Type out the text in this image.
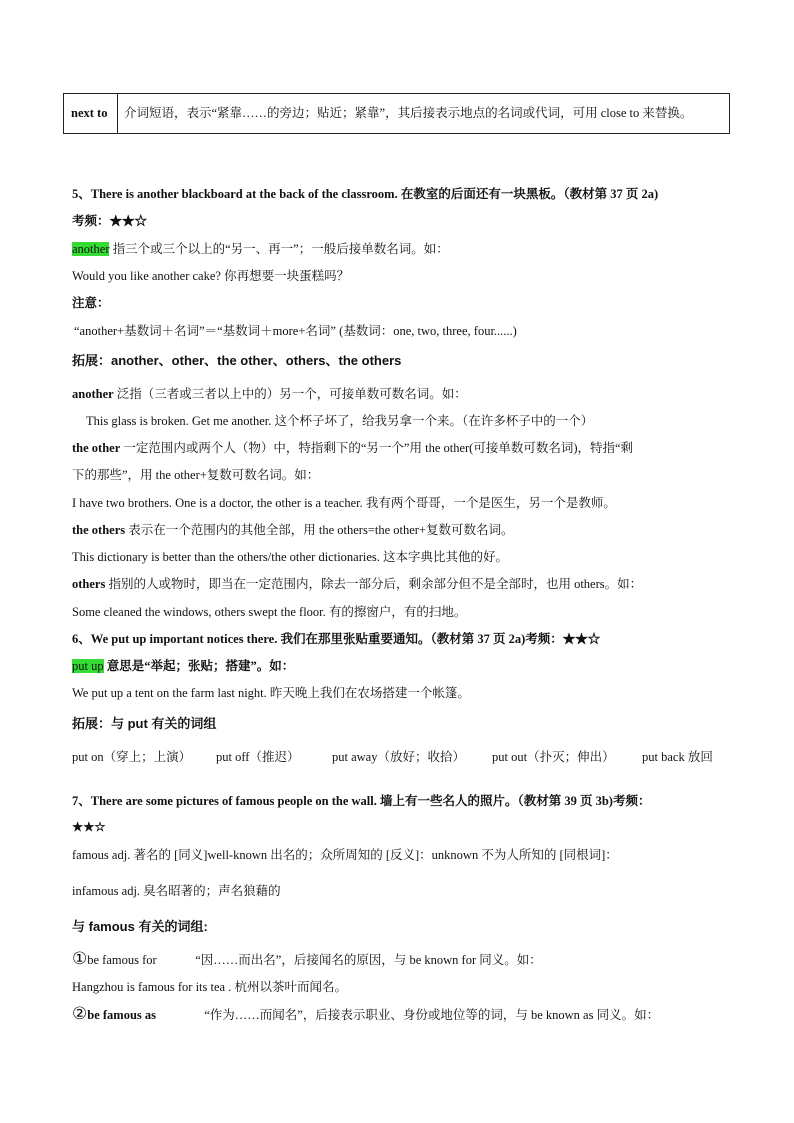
next to	介词短语，表示“紧靠……的旁边；贴近；紧靠”，其后接表示地点的名词或代词，可用 close to 来替换。
5、There is another blackboard at the back of the classroom. 在教室的后面还有一块黑板。（教材第 37 页 2a)
考频：★★☆
another 指三个或三个以上的“另一、再一”；一般后接单数名词。如：
Would you like another cake? 你再想要一块蛋糕吗？
注意：
“another+基数词＋名词”＝“基数词＋more+名词” (基数词：one, two, three, four......)
拓展：another、other、the other、others、the others
another 泛指（三者或三者以上中的）另一个，可接单数可数名词。如：
This glass is broken. Get me another. 这个杯子坏了，给我另拿一个来。（在许多杯子中的一个）
the other 一定范围内或两个人（物）中，特指剩下的“另一个”用 the other(可接单数可数名词)，特指“剩
下的那些”，用 the other+复数可数名词。如：
I have two brothers. One is a doctor, the other is a teacher. 我有两个哥哥，一个是医生，另一个是教师。
the others 表示在一个范围内的其他全部，用 the others=the other+复数可数名词。
This dictionary is better than the others/the other dictionaries. 这本字典比其他的好。
others 指别的人或物时，即当在一定范围内，除去一部分后，剩余部分但不是全部时，也用 others。如：
Some cleaned the windows, others swept the floor. 有的擦窗户，有的扫地。
6、We put up important notices there. 我们在那里张贴重要通知。（教材第 37 页 2a)考频：★★☆
put up 意思是“举起；张贴；搭建”。如：
We put up a tent on the farm last night. 昨天晚上我们在农场搭建一个帐篷。
拓展：与 put 有关的词组
put on（穿上；上演） put off（推迟）	put away（放好；收拾） put out（扑灭；伸出） put back 放回
7、There are some pictures of famous people on the wall. 墙上有一些名人的照片。（教材第 39 页 3b)考频：
★★☆
famous adj. 著名的 [同义]well-known 出名的；众所周知的 [反义]：unknown 不为人所知的 [同根词]：
infamous adj. 臭名昭著的；声名狼藉的
与 famous 有关的词组:
①be famous for	“因……而出名”，后接闻名的原因，与 be known for 同义。如：
Hangzhou is famous for its tea . 杭州以茶叶而闻名。
②be famous as	“作为……而闻名”，后接表示职业、身份或地位等的词，与 be known as 同义。如：
